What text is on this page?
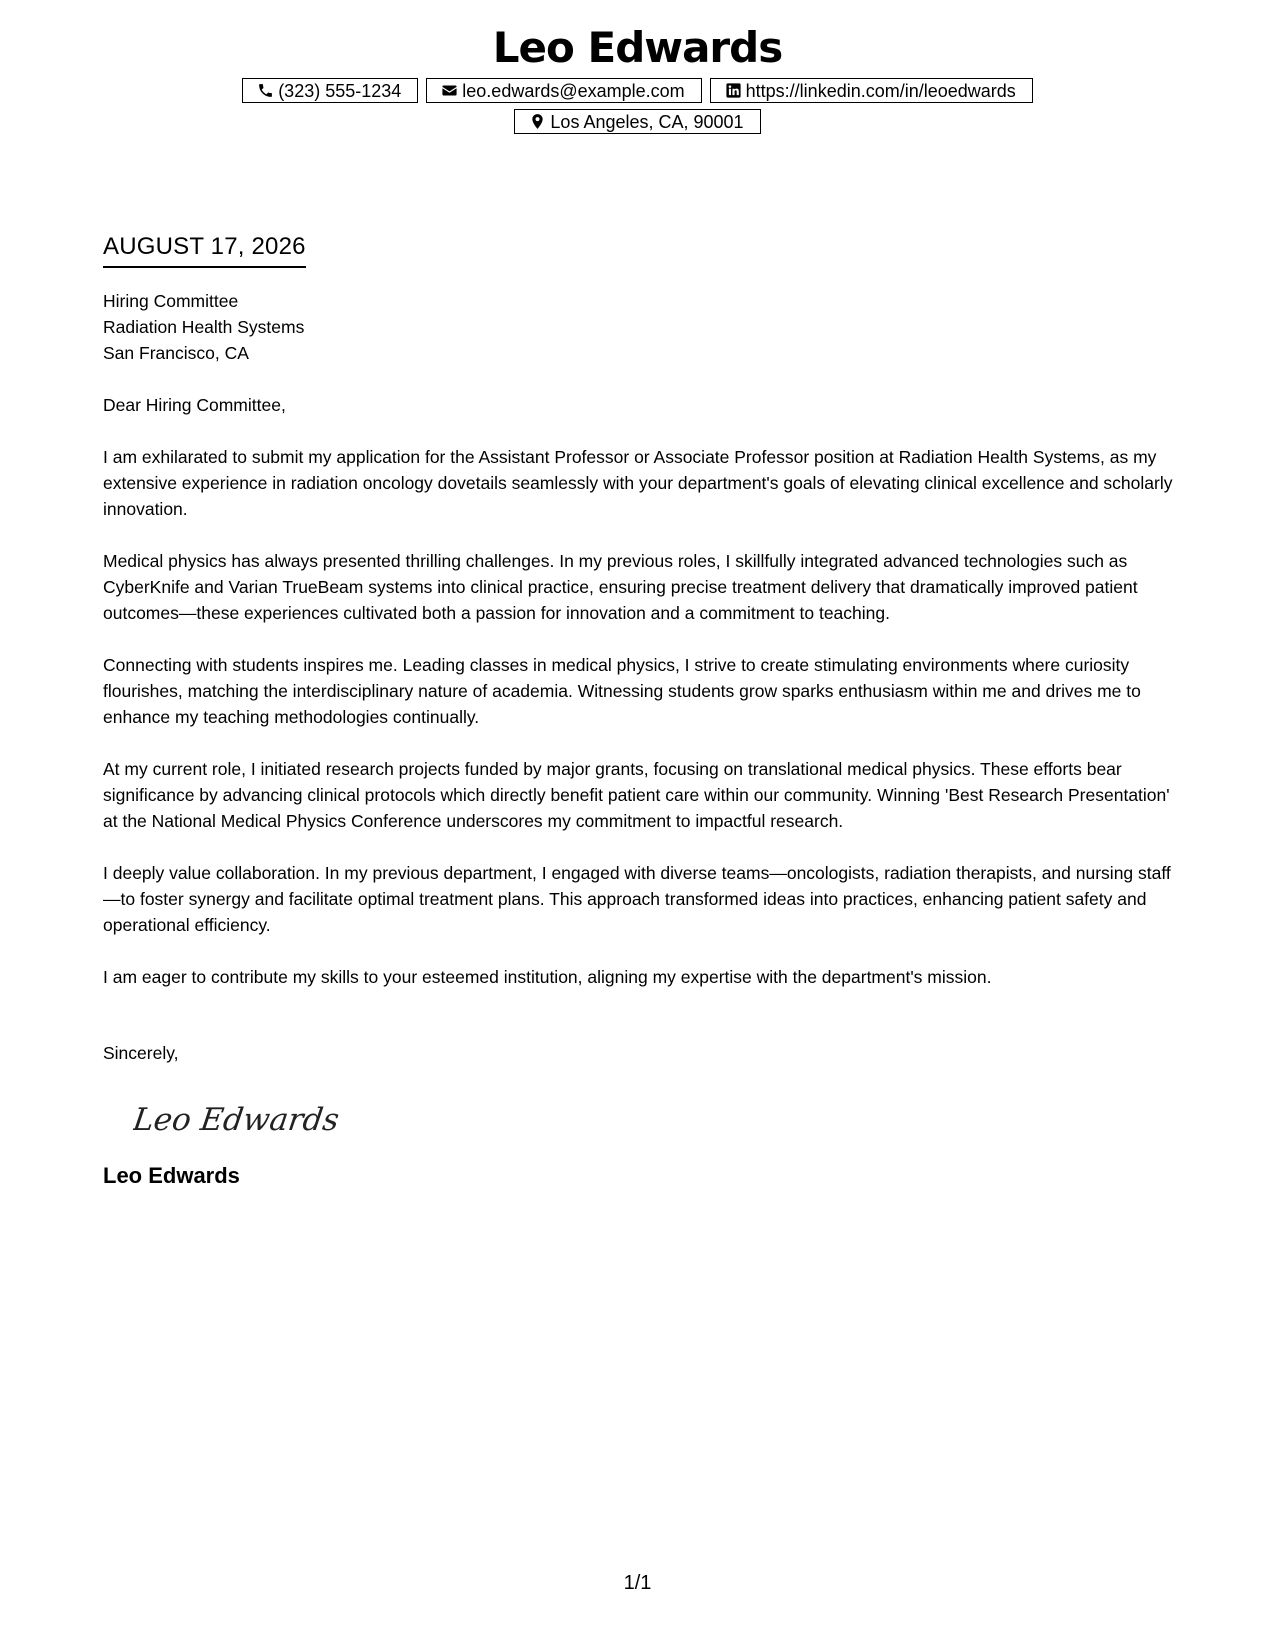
Leo Edwards
(323) 555-1234	leo.edwards@example.com	https://linkedin.com/in/leoedwards
Los Angeles, CA, 90001
AUGUST 17, 2026
Hiring Committee
Radiation Health Systems
San Francisco, CA

Dear Hiring Committee,

I am exhilarated to submit my application for the Assistant Professor or Associate Professor position at Radiation Health Systems, as my extensive experience in radiation oncology dovetails seamlessly with your department's goals of elevating clinical excellence and scholarly innovation.

Medical physics has always presented thrilling challenges. In my previous roles, I skillfully integrated advanced technologies such as CyberKnife and Varian TrueBeam systems into clinical practice, ensuring precise treatment delivery that dramatically improved patient outcomes—these experiences cultivated both a passion for innovation and a commitment to teaching.

Connecting with students inspires me. Leading classes in medical physics, I strive to create stimulating environments where curiosity flourishes, matching the interdisciplinary nature of academia. Witnessing students grow sparks enthusiasm within me and drives me to enhance my teaching methodologies continually.

At my current role, I initiated research projects funded by major grants, focusing on translational medical physics. These efforts bear significance by advancing clinical protocols which directly benefit patient care within our community. Winning 'Best Research Presentation' at the National Medical Physics Conference underscores my commitment to impactful research.

I deeply value collaboration. In my previous department, I engaged with diverse teams—oncologists, radiation therapists, and nursing staff—to foster synergy and facilitate optimal treatment plans. This approach transformed ideas into practices, enhancing patient safety and operational efficiency.

I am eager to contribute my skills to your esteemed institution, aligning my expertise with the department's mission.

Sincerely,
Leo Edwards
Leo Edwards
1/1
